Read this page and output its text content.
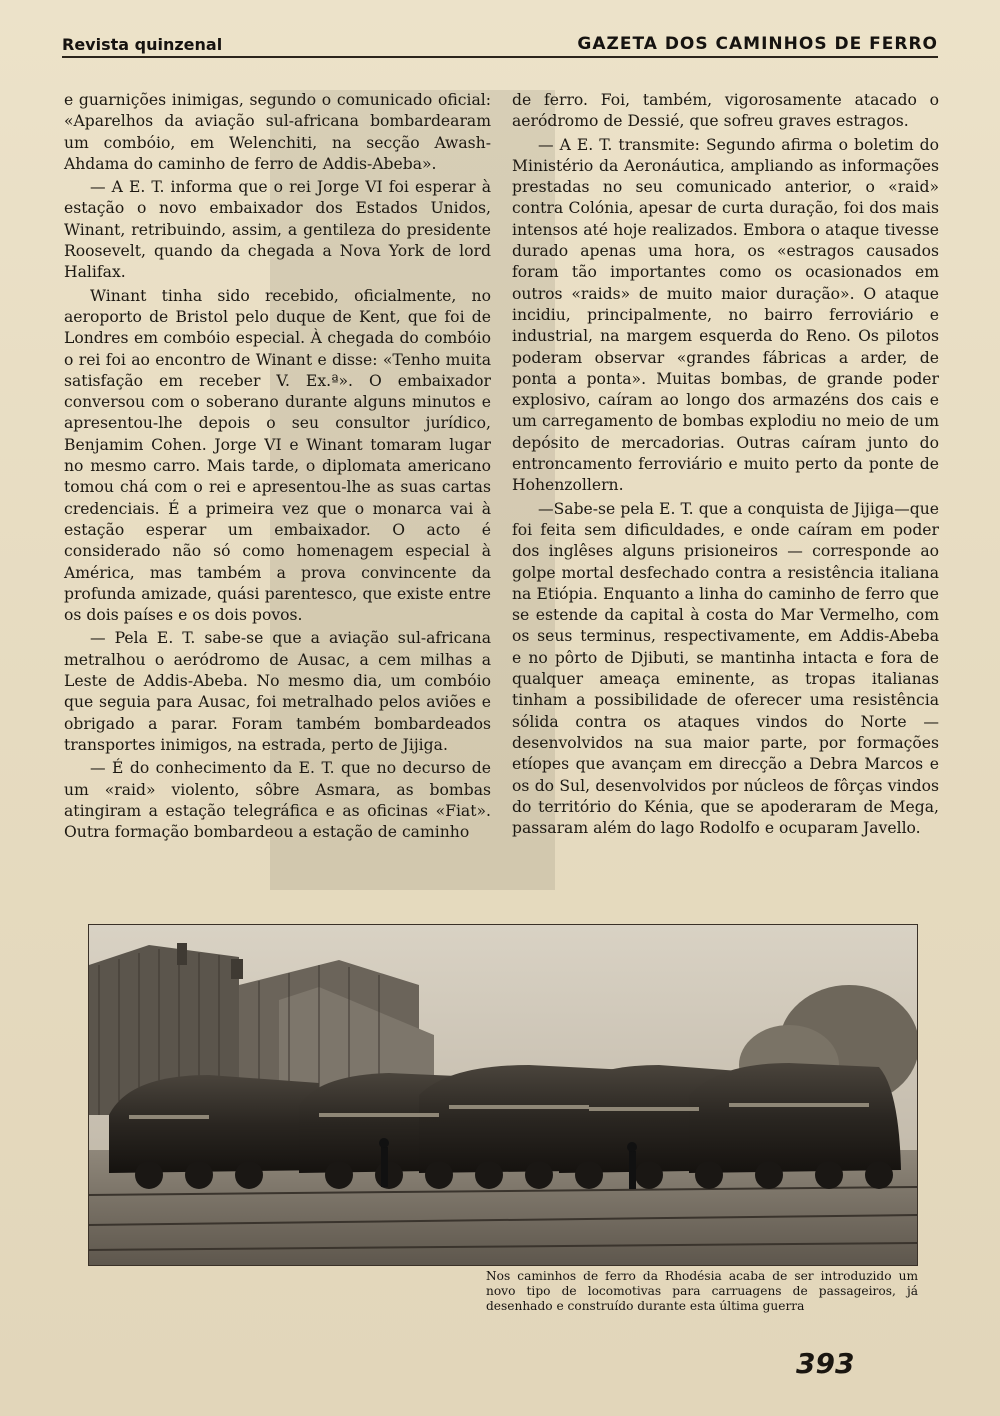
Revista quinzenal	GAZETA DOS CAMINHOS DE FERRO

e guarnições inimigas, segundo o comunicado oficial: «Aparelhos da aviação sul-africana bombardearam um combóio, em Welenchiti, na secção Awash-Ahdama do caminho de ferro de Addis-Abeba».

— A E. T. informa que o rei Jorge VI foi esperar à estação o novo embaixador dos Estados Unidos, Winant, retribuindo, assim, a gentileza do presidente Roosevelt, quando da chegada a Nova York de lord Halifax.

Winant tinha sido recebido, oficialmente, no aeroporto de Bristol pelo duque de Kent, que foi de Londres em combóio especial. À chegada do combóio o rei foi ao encontro de Winant e disse: «Tenho muita satisfação em receber V. Ex.ª». O embaixador conversou com o soberano durante alguns minutos e apresentou-lhe depois o seu consultor jurídico, Benjamim Cohen. Jorge VI e Winant tomaram lugar no mesmo carro. Mais tarde, o diplomata americano tomou chá com o rei e apresentou-lhe as suas cartas credenciais. É a primeira vez que o monarca vai à estação esperar um embaixador. O acto é considerado não só como homenagem especial à América, mas também a prova convincente da profunda amizade, quási parentesco, que existe entre os dois países e os dois povos.

— Pela E. T. sabe-se que a aviação sul-africana metralhou o aeródromo de Ausac, a cem milhas a Leste de Addis-Abeba. No mesmo dia, um combóio que seguia para Ausac, foi metralhado pelos aviões e obrigado a parar. Foram também bombardeados transportes inimigos, na estrada, perto de Jijiga.

— É do conhecimento da E. T. que no decurso de um «raid» violento, sôbre Asmara, as bombas atingiram a estação telegráfica e as oficinas «Fiat». Outra formação bombardeou a estação de caminho

de ferro. Foi, também, vigorosamente atacado o aeródromo de Dessié, que sofreu graves estragos.

— A E. T. transmite: Segundo afirma o boletim do Ministério da Aeronáutica, ampliando as informações prestadas no seu comunicado anterior, o «raid» contra Colónia, apesar de curta duração, foi dos mais intensos até hoje realizados. Embora o ataque tivesse durado apenas uma hora, os «estragos causados foram tão importantes como os ocasionados em outros «raids» de muito maior duração». O ataque incidiu, principalmente, no bairro ferroviário e industrial, na margem esquerda do Reno. Os pilotos poderam observar «grandes fábricas a arder, de ponta a ponta». Muitas bombas, de grande poder explosivo, caíram ao longo dos armazéns dos cais e um carregamento de bombas explodiu no meio de um depósito de mercadorias. Outras caíram junto do entroncamento ferroviário e muito perto da ponte de Hohenzollern.

—Sabe-se pela E. T. que a conquista de Jijiga—que foi feita sem dificuldades, e onde caíram em poder dos inglêses alguns prisioneiros — corresponde ao golpe mortal desfechado contra a resistência italiana na Etiópia. Enquanto a linha do caminho de ferro que se estende da capital à costa do Mar Vermelho, com os seus terminus, respectivamente, em Addis-Abeba e no pôrto de Djibuti, se mantinha intacta e fora de qualquer ameaça eminente, as tropas italianas tinham a possibilidade de oferecer uma resistência sólida contra os ataques vindos do Norte — desenvolvidos na sua maior parte, por formações etíopes que avançam em direcção a Debra Marcos e os do Sul, desenvolvidos por núcleos de fôrças vindos do território do Kénia, que se apoderaram de Mega, passaram além do lago Rodolfo e ocuparam Javello.

Nos caminhos de ferro da Rhodésia acaba de ser introduzido um novo tipo de locomotivas para carruagens de passageiros, já desenhado e construído durante esta última guerra
393
